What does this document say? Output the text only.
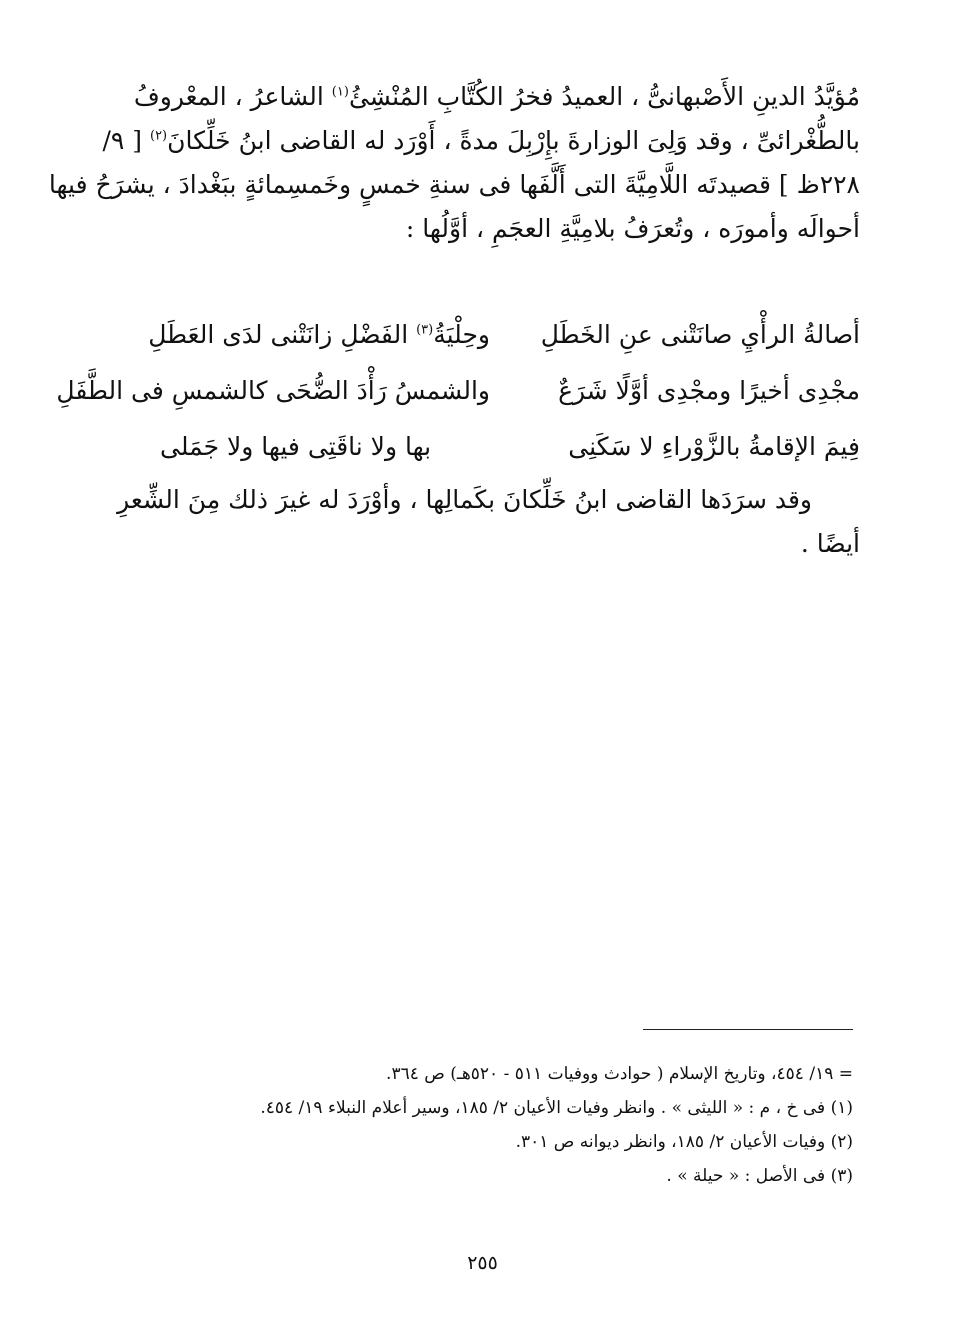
مُؤيَّدُ الدينِ الأَصْبهانىُّ ، العميدُ فخرُ الكُتَّابِ المُنْشِئُ$^{(١)}$ الشاعرُ ، المعْروفُ
بالطُّغْرائىِّ ، وقد وَلِىَ الوزارةَ بإِرْبِلَ مدةً ، أَوْرَد له القاضى ابنُ خَلِّكانَ$^{(٢)}$ [ ٩/
٢٢٨ظ ] قصيدتَه اللَّامِيَّةَ التى أَلَّفَها فى سنةِ خمسٍ وخَمسِمائةٍ ببَغْدادَ ، يشرَحُ فيها
أحوالَه وأمورَه ، وتُعرَفُ بلامِيَّةِ العجَمِ ، أوَّلُها :
أصالةُ الرأْيِ صانَتْنى عنِ الخَطَلِ
وحِلْيَةُ$^{(٣)}$ الفَضْلِ زانَتْنى لدَى العَطَلِ
مجْدِى أخيرًا ومجْدِى أوَّلًا شَرَعٌ
والشمسُ رَأْدَ الضُّحَى كالشمسِ فى الطَّفَلِ
فِيمَ الإقامةُ بالزَّوْراءِ لا سَكَنِى
بها ولا ناقَتِى فيها ولا جَمَلى
وقد سرَدَها القاضى ابنُ خَلِّكانَ بكَمالِها ، وأوْرَدَ له غيرَ ذلك مِنَ الشِّعرِ
أيضًا .
= ١٩/ ٤٥٤، وتاريخ الإسلام ( حوادث ووفيات ٥١١ - ٥٢٠هـ) ص ٣٦٤.
(١) فى خ ، م : « الليثى » . وانظر وفيات الأعيان ٢/ ١٨٥، وسير أعلام النبلاء ١٩/ ٤٥٤.
(٢) وفيات الأعيان ٢/ ١٨٥، وانظر ديوانه ص ٣٠١.
(٣) فى الأصل : « حيلة » .
٢٥٥
